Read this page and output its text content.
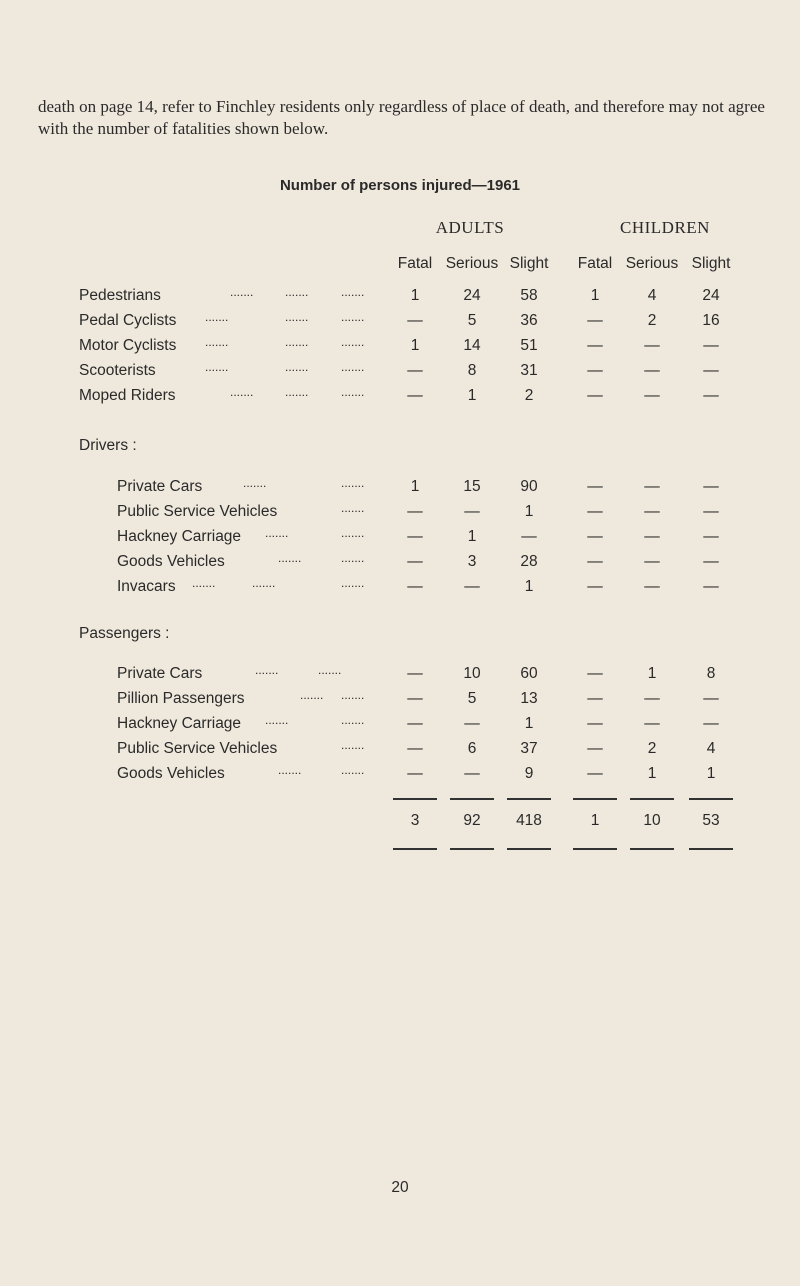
death on page 14, refer to Finchley residents only regardless of place of death, and therefore may not agree with the number of fatalities shown below.

Number of persons injured—1961
ADULTS	CHILDREN
Fatal Serious Slight	Fatal Serious Slight
Pedestrians	.......	.......	.......	1	24	58	1	4	24
Pedal Cyclists .......	.......	.......	—	5	36	—	2	16
Motor Cyclists .......	.......	.......	1	14	51	—	—	—
Scooterists	.......	.......	.......	—	8	31	—	—	—
Moped Riders	.......	.......	.......	—	1	2	—	—	—
Private Cars	.......	.......	1	15	90	—	—	—
Public Service Vehicles	.......	—	—	1	—	—	—
Hackney Carriage .......	.......	—	1	—	—	—	—
Goods Vehicles	.......	.......	—	3	28	—	—	—
Invacars .......	.......	.......	—	—	1	—	—	—
Private Cars	.......	.......	—	10	60	—	1	8
Pillion Passengers	....... .......	—	5	13	—	—	—
Hackney Carriage .......	.......	—	—	1	—	—	—
Public Service Vehicles	.......	—	6	37	—	2	4
Goods Vehicles	.......	.......	—	—	9	—	1	1
3	92	418	1	10	53
Drivers :
Passengers :
20
